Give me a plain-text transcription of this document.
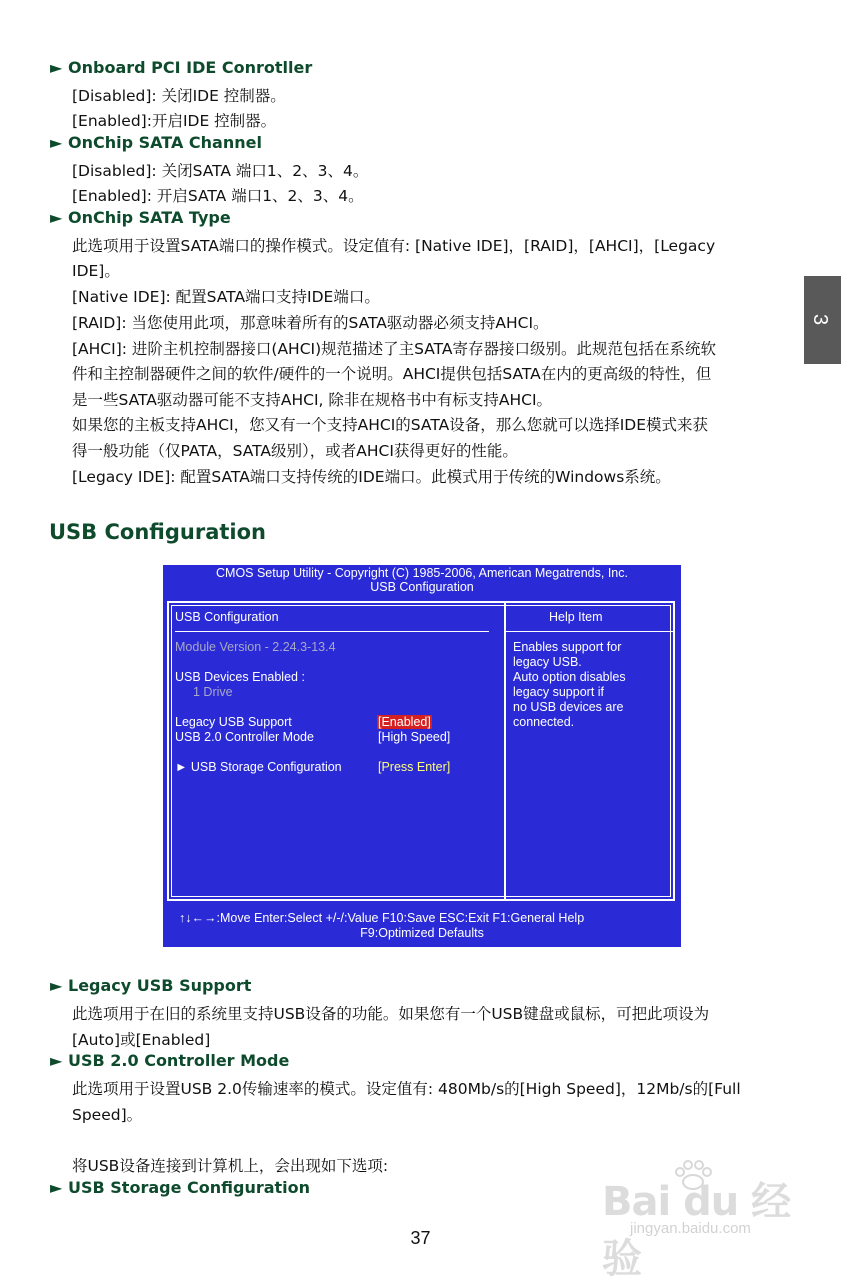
3
► Onboard PCI IDE Conrotller
[Disabled]: 关闭IDE 控制器。
[Enabled]:开启IDE 控制器。
► OnChip SATA Channel
[Disabled]: 关闭SATA 端口1、2、3、4。
[Enabled]: 开启SATA 端口1、2、3、4。
► OnChip SATA Type
此选项用于设置SATA端口的操作模式。设定值有: [Native IDE]，[RAID]，[AHCI]，[Legacy
IDE]。
[Native IDE]: 配置SATA端口支持IDE端口。
[RAID]: 当您使用此项，那意味着所有的SATA驱动器必须支持AHCI。
[AHCI]: 进阶主机控制器接口(AHCI)规范描述了主SATA寄存器接口级别。此规范包括在系统软
件和主控制器硬件之间的软件/硬件的一个说明。AHCI提供包括SATA在内的更高级的特性，但
是一些SATA驱动器可能不支持AHCI, 除非在规格书中有标支持AHCI。
如果您的主板支持AHCI，您又有一个支持AHCI的SATA设备，那么您就可以选择IDE模式来获
得一般功能（仅PATA，SATA级别），或者AHCI获得更好的性能。
[Legacy IDE]: 配置SATA端口支持传统的IDE端口。此模式用于传统的Windows系统。
USB Configuration
CMOS Setup Utility - Copyright (C) 1985-2006, American Megatrends, Inc.
USB Configuration
USB Configuration	Help Item
Module Version - 2.24.3-13.4
USB Devices Enabled :
1 Drive
Legacy USB Support	[Enabled]
USB 2.0 Controller Mode	[High Speed]
► USB Storage Configuration	[Press Enter]
Enables support for
legacy USB.
Auto option disables
legacy support if
no USB devices are
connected.
↑↓←→:Move Enter:Select +/-/:Value F10:Save ESC:Exit F1:General Help
F9:Optimized Defaults
► Legacy USB Support
此选项用于在旧的系统里支持USB设备的功能。如果您有一个USB键盘或鼠标，可把此项设为
[Auto]或[Enabled]
► USB 2.0 Controller Mode
此选项用于设置USB 2.0传输速率的模式。设定值有: 480Mb/s的[High Speed]，12Mb/s的[Full
Speed]。
将USB设备连接到计算机上，会出现如下选项:
► USB Storage Configuration	Bai du 经验
jingyan.baidu.com
37
